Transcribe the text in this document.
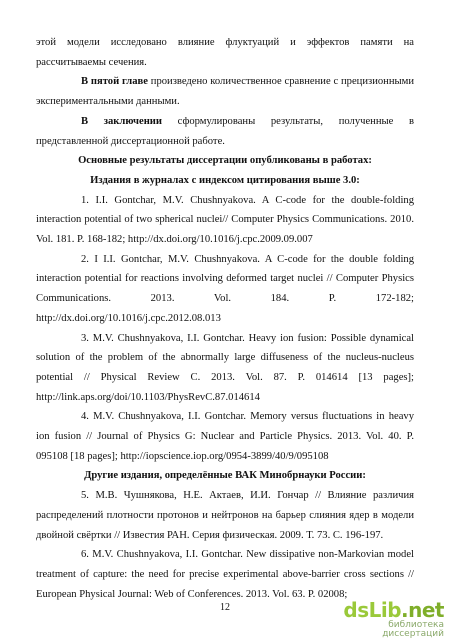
этой модели исследовано влияние флуктуаций и эффектов памяти на рассчитываемы сечения.

В пятой главе произведено количественное сравнение с прецизионными экспериментальными данными.

В заключении сформулированы результаты, полученные в

представленной диссертационной работе.

Основные результаты диссертации опубликованы в работах:

Издания в журналах с индексом цитирования выше 3.0:

1. I.I. Gontchar, M.V. Chushnyakova. A C-code for the double-folding interaction potential of two spherical nuclei// Computer Physics Communications. 2010. Vol. 181. P. 168-182; http://dx.doi.org/10.1016/j.cpc.2009.09.007

2. I I.I. Gontchar, M.V. Chushnyakova. A C-code for the double folding interaction potential for reactions involving deformed target nuclei // Computer Physics Communications. 2013. Vol. 184. P. 172-182; http://dx.doi.org/10.1016/j.cpc.2012.08.013

3. M.V. Chushnyakova, I.I. Gontchar. Heavy ion fusion: Possible dynamical solution of the problem of the abnormally large diffuseness of the nucleus-nucleus potential // Physical Review C. 2013. Vol. 87. P. 014614 [13 pages]; http://link.aps.org/doi/10.1103/PhysRevC.87.014614

4. M.V. Chushnyakova, I.I. Gontchar. Memory versus fluctuations in heavy ion fusion // Journal of Physics G: Nuclear and Particle Physics. 2013. Vol. 40. P. 095108 [18 pages]; http://iopscience.iop.org/0954-3899/40/9/095108

Другие издания, определённые ВАК Минобрнауки России:

5. М.В. Чушнякова, Н.Е. Актаев, И.И. Гончар // Влияние различия распределений плотности протонов и нейтронов на барьер слияния ядер в модели двойной свёртки // Известия РАН. Серия физическая. 2009. Т. 73. С. 196-197.

6. M.V. Chushnyakova, I.I. Gontchar. New dissipative non-Markovian model treatment of capture: the need for precise experimental above-barrier cross sections // European Physical Journal: Web of Conferences. 2013. Vol. 63. P. 02008;

12	dsLib.net
библиотека диссертаций
